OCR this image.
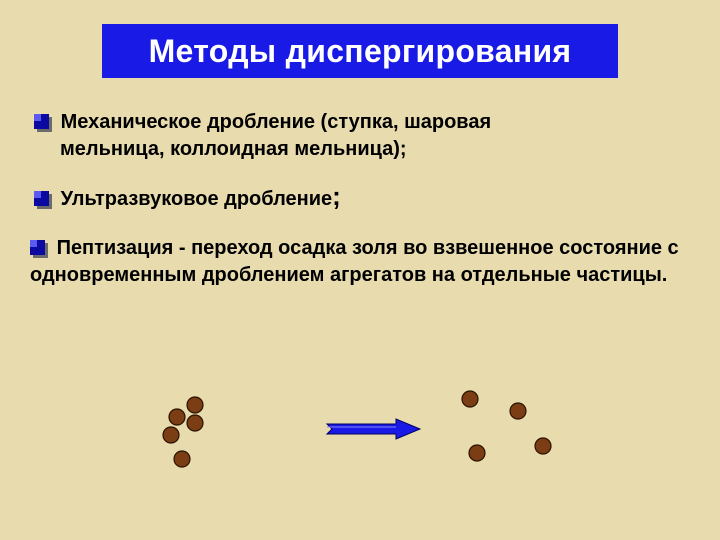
Методы диспергирования
Механическое дробление (ступка, шаровая
мельница, коллоидная мельница);
Ультразвуковое дробление;
Пептизация - переход осадка золя во взвешенное состояние с одновременным дроблением агрегатов на отдельные частицы.
